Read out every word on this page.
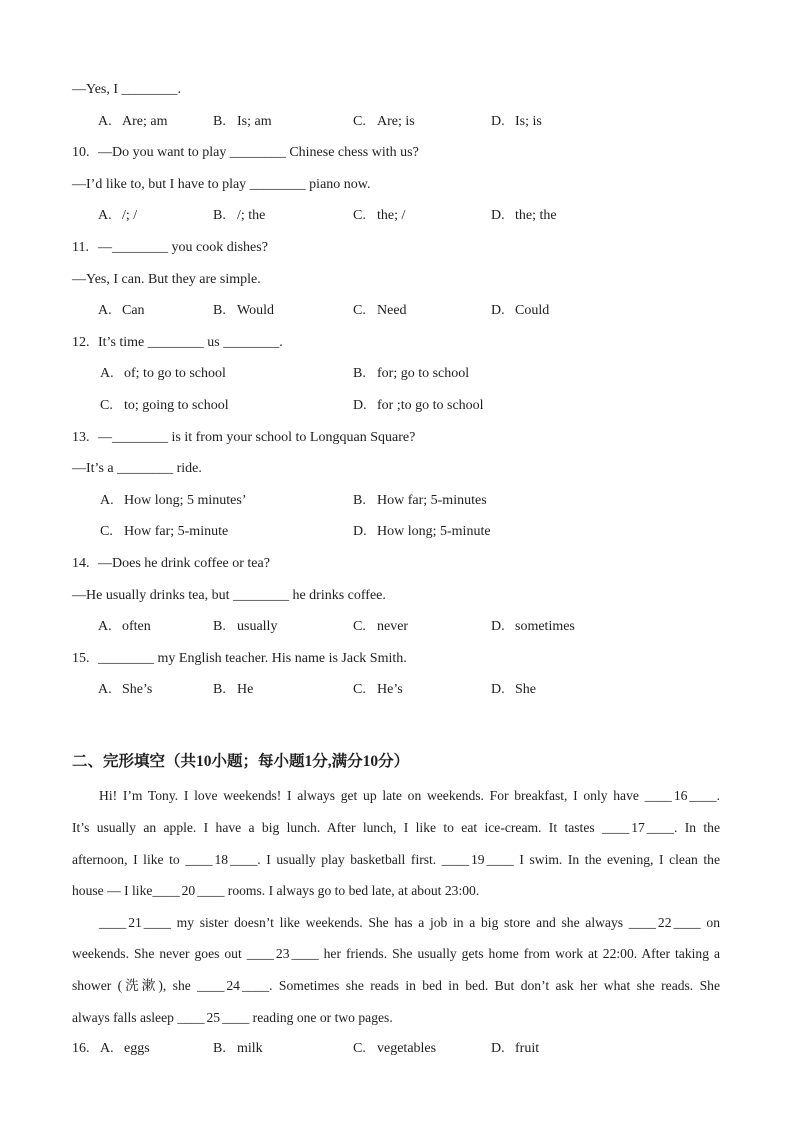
—Yes, I ________.

A. Are; am

	B. Is; am

	C. Are; is

	D. Is; is

10. —Do you want to play ________ Chinese chess with us?
—I’d like to, but I have to play ________ piano now.

A. /; /

	B. /; the

	C. the; /

	D. the; the

11. —________ you cook dishes?
—Yes, I can. But they are simple.

A. Can

	B. Would

	C. Need

	D. Could

12. It’s time ________ us ________.

A. of; to go to school

	B. for; go to school

C. to; going to school

	D. for ;to go to school

13. —________ is it from your school to Longquan Square?
—It’s a ________ ride.

A. How long; 5 minutes’

	B. How far; 5-minutes

C. How far; 5-minute

	D. How long; 5-minute

14. —Does he drink coffee or tea?
—He usually drinks tea, but ________ he drinks coffee.

A. often

	B. usually

	C. never

	D. sometimes

15. ________ my English teacher. His name is Jack Smith.

A. She’s

	B. He

	C. He’s

	D. She

二、完形填空（共10小题；每小题1分,满分10分）
Hi! I’m Tony. I love weekends! I always get up late on weekends. For breakfast, I only have ____ 16 ____.
It’s usually an apple. I have a big lunch. After lunch, I like to eat ice-cream. It tastes ____ 17 ____. In the
afternoon, I like to ____ 18 ____. I usually play basketball first. ____ 19 ____ I swim. In the evening, I clean the
house — I like____ 20 ____ rooms. I always go to bed late, at about 23:00.
____ 21 ____ my sister doesn’t like weekends. She has a job in a big store and she always ____ 22 ____ on
weekends. She never goes out ____ 23 ____ her friends. She usually gets home from work at 22:00. After taking a
shower (洗漱), she ____ 24 ____. Sometimes she reads in bed in bed. But don’t ask her what she reads. She
always falls asleep ____ 25 ____ reading one or two pages.

16.

A. eggs

	B. milk

	C. vegetables

	D. fruit
